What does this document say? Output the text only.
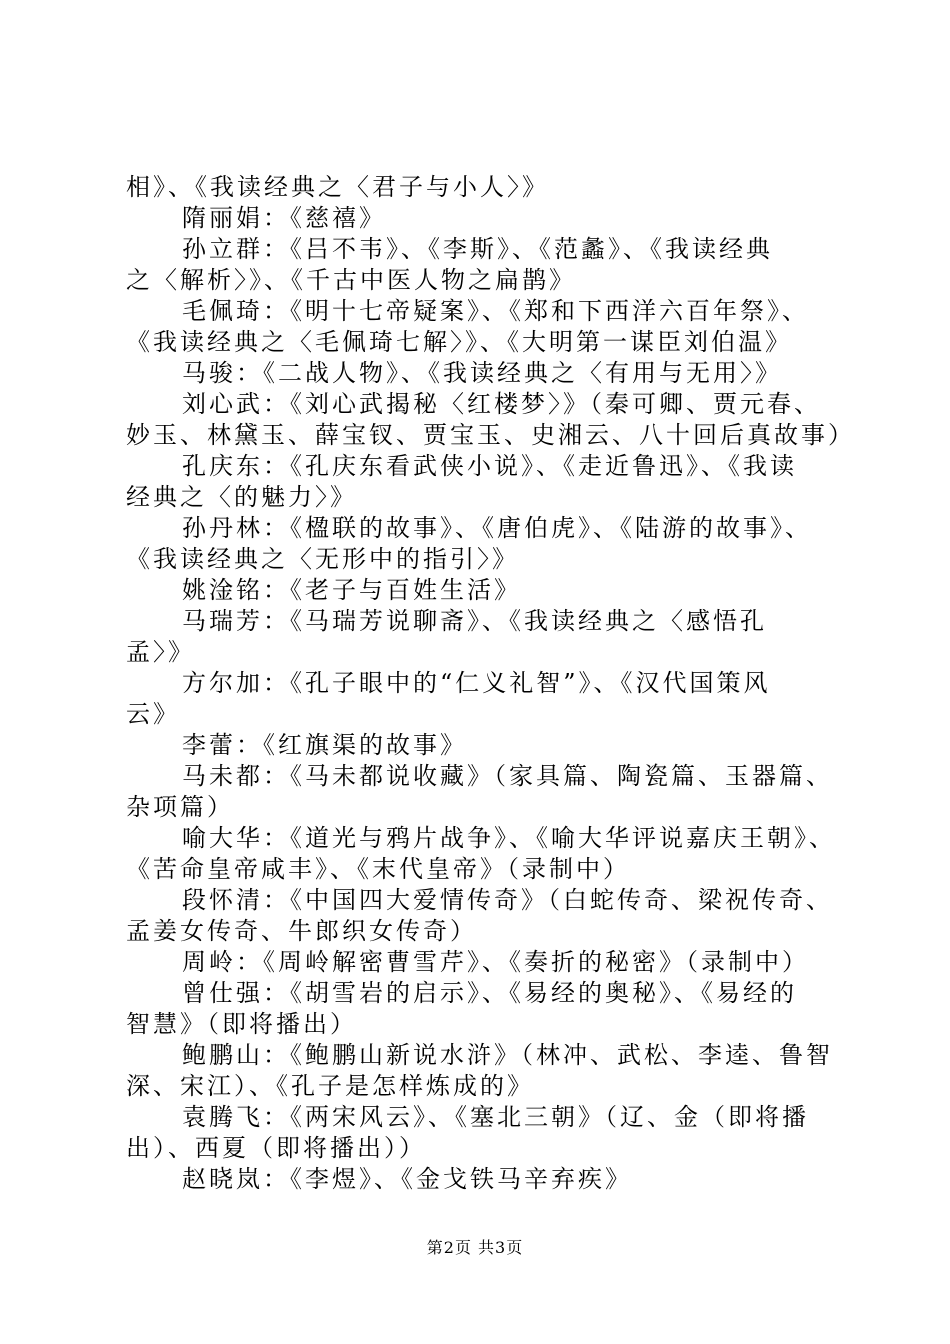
相》、《我读经典之〈君子与小人〉》
隋丽娟：《慈禧》
孙立群：《吕不韦》、《李斯》、《范蠡》、《我读经典
之〈解析〉》、《千古中医人物之扁鹊》
毛佩琦：《明十七帝疑案》、《郑和下西洋六百年祭》、
《我读经典之〈毛佩琦七解〉》、《大明第一谋臣刘伯温》
马骏：《二战人物》、《我读经典之〈有用与无用〉》
刘心武：《刘心武揭秘〈红楼梦〉》（秦可卿、贾元春、
妙玉、林黛玉、薛宝钗、贾宝玉、史湘云、八十回后真故事）
孔庆东：《孔庆东看武侠小说》、《走近鲁迅》、《我读
经典之〈的魅力〉》
孙丹林：《楹联的故事》、《唐伯虎》、《陆游的故事》、
《我读经典之〈无形中的指引〉》
姚淦铭：《老子与百姓生活》
马瑞芳：《马瑞芳说聊斋》、《我读经典之〈感悟孔
孟〉》
方尔加：《孔子眼中的“仁义礼智”》、《汉代国策风
云》
李蕾：《红旗渠的故事》
马未都：《马未都说收藏》（家具篇、陶瓷篇、玉器篇、
杂项篇）
喻大华：《道光与鸦片战争》、《喻大华评说嘉庆王朝》、
《苦命皇帝咸丰》、《末代皇帝》（录制中）
段怀清：《中国四大爱情传奇》（白蛇传奇、梁祝传奇、
孟姜女传奇、牛郎织女传奇）
周岭：《周岭解密曹雪芹》、《奏折的秘密》（录制中）
曾仕强：《胡雪岩的启示》、《易经的奥秘》、《易经的
智慧》（即将播出）
鲍鹏山：《鲍鹏山新说水浒》（林冲、武松、李逵、鲁智
深、宋江）、《孔子是怎样炼成的》
袁腾飞：《两宋风云》、《塞北三朝》（辽、金（即将播
出）、西夏（即将播出））
赵晓岚：《李煜》、《金戈铁马辛弃疾》
第2页 共3页
